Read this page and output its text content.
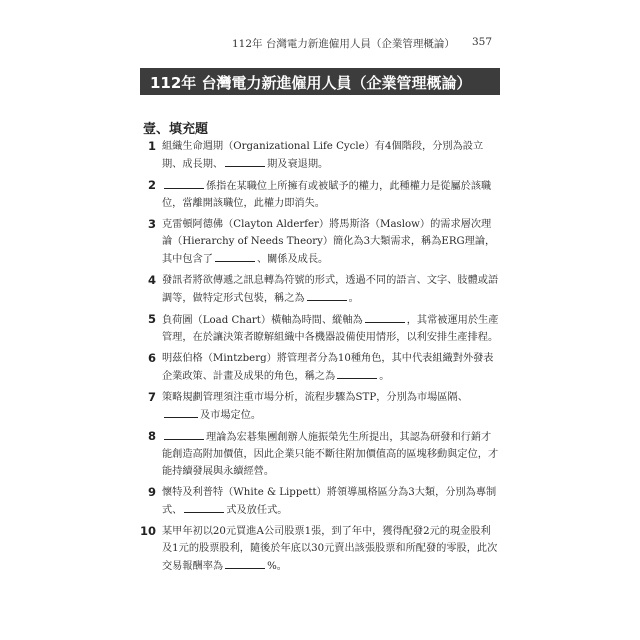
112年 台灣電力新進僱用人員（企業管理概論） 357
112年 台灣電力新進僱用人員（企業管理概論）
壹、填充題
1 組織生命週期（Organizational Life Cycle）有4個階段，分別為設立期、成長期、	期及衰退期。
2	係指在某職位上所擁有或被賦予的權力，此種權力是從屬於該職位，當離開該職位，此權力即消失。
3 克雷頓阿德佛（Clayton Alderfer）將馬斯洛（Maslow）的需求層次理論（Hierarchy of Needs Theory）簡化為3大類需求，稱為ERG理論，其中包含了	、關係及成長。
4 發訊者將欲傳遞之訊息轉為符號的形式，透過不同的語言、文字、肢體或語調等，做特定形式包裝，稱之為	。
5 負荷圖（Load Chart）橫軸為時間、縱軸為	，其常被運用於生產管理，在於讓決策者瞭解組織中各機器設備使用情形，以利安排生產排程。
6 明茲伯格（Mintzberg）將管理者分為10種角色，其中代表組織對外發表企業政策、計畫及成果的角色，稱之為	。
7 策略規劃管理須注重市場分析，流程步驟為STP，分別為市場區隔、及市場定位。
8	理論為宏碁集團創辦人施振榮先生所提出，其認為研發和行銷才能創造高附加價值，因此企業只能不斷往附加價值高的區塊移動與定位，才能持續發展與永續經營。
9 懷特及利普特（White & Lippett）將領導風格區分為3大類，分別為專制式、	式及放任式。
10 某甲年初以20元買進A公司股票1張，到了年中，獲得配發2元的現金股利及1元的股票股利，隨後於年底以30元賣出該張股票和所配發的零股，此次交易報酬率為	%。
